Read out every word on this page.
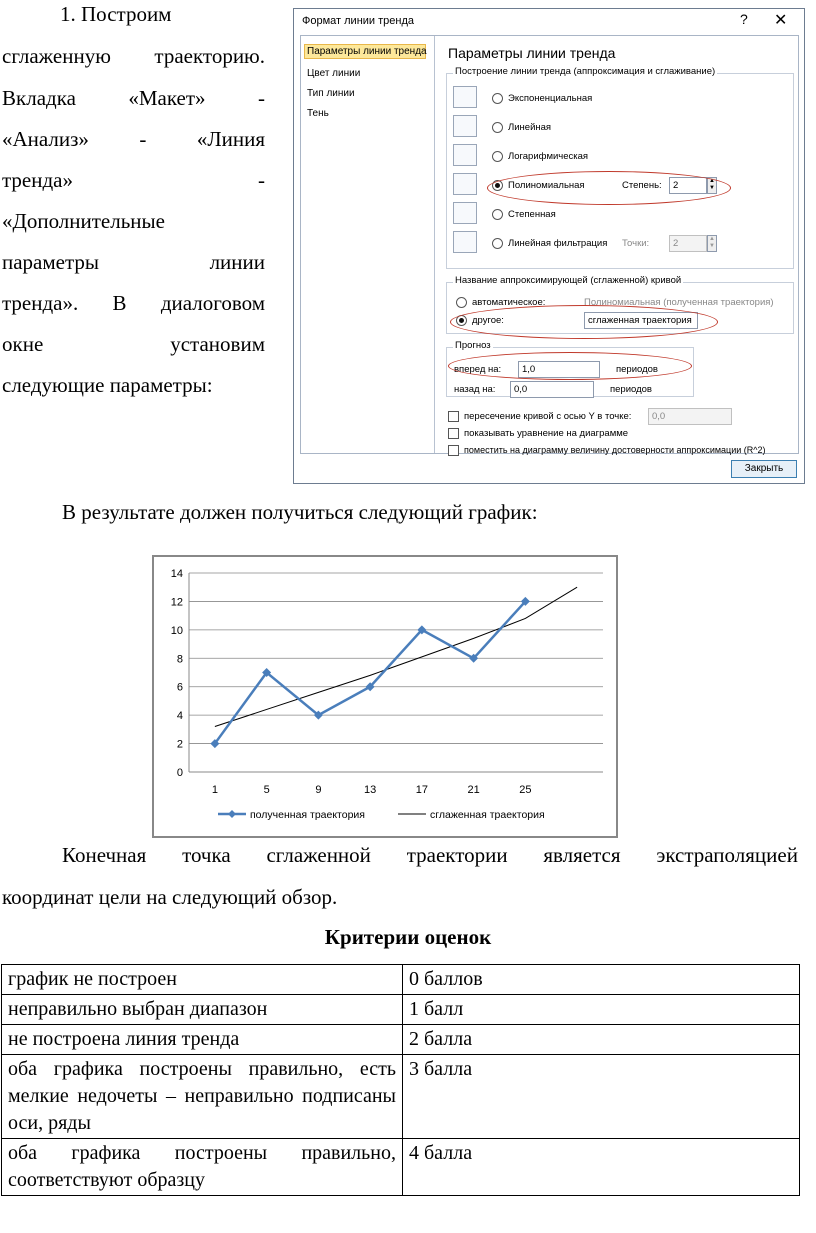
1. Построим
сглаженную траекторию.
Вкладка «Макет» -
«Анализ» - «Линия
тренда»	-
«Дополнительные
параметры	линии
тренда». В диалоговом
окне	установим
следующие параметры:
Формат линии тренда	? ✕
Параметры линии тренда
Цвет линии
Тип линии
Тень
Параметры линии тренда
Построение линии тренда (аппроксимация и сглаживание)
Экспоненциальная
Линейная
Логарифмическая
Полиномиальная	Степень:	2	▲
▼
Степенная
Линейная фильтрация Точки:	2	▲
▼
Название аппроксимирующей (сглаженной) кривой
автоматическое:	Полиномиальная (полученная траектория)
другое:	сглаженная траектория
Прогноз
вперед на:	1,0	периодов
назад на:	0,0	периодов
пересечение кривой с осью Y в точке:	0,0
показывать уравнение на диаграмме
поместить на диаграмму величину достоверности аппроксимации (R^2)
Закрыть
В результате должен получиться следующий график:
0
2
4
6
8
10
12
14
1	5	9	13	17	21	25
полученная траектория	сглаженная траектория
Конечная точка сглаженной траектории является экстраполяцией
координат цели на следующий обзор.
Критерии оценок
график не построен	0 баллов
неправильно выбран диапазон	1 балл
не построена линия тренда	2 балла
оба графика построены правильно, есть мелкие недочеты – неправильно подписаны оси, ряды	3 балла
оба графика построены правильно, соответствуют образцу	4 балла
